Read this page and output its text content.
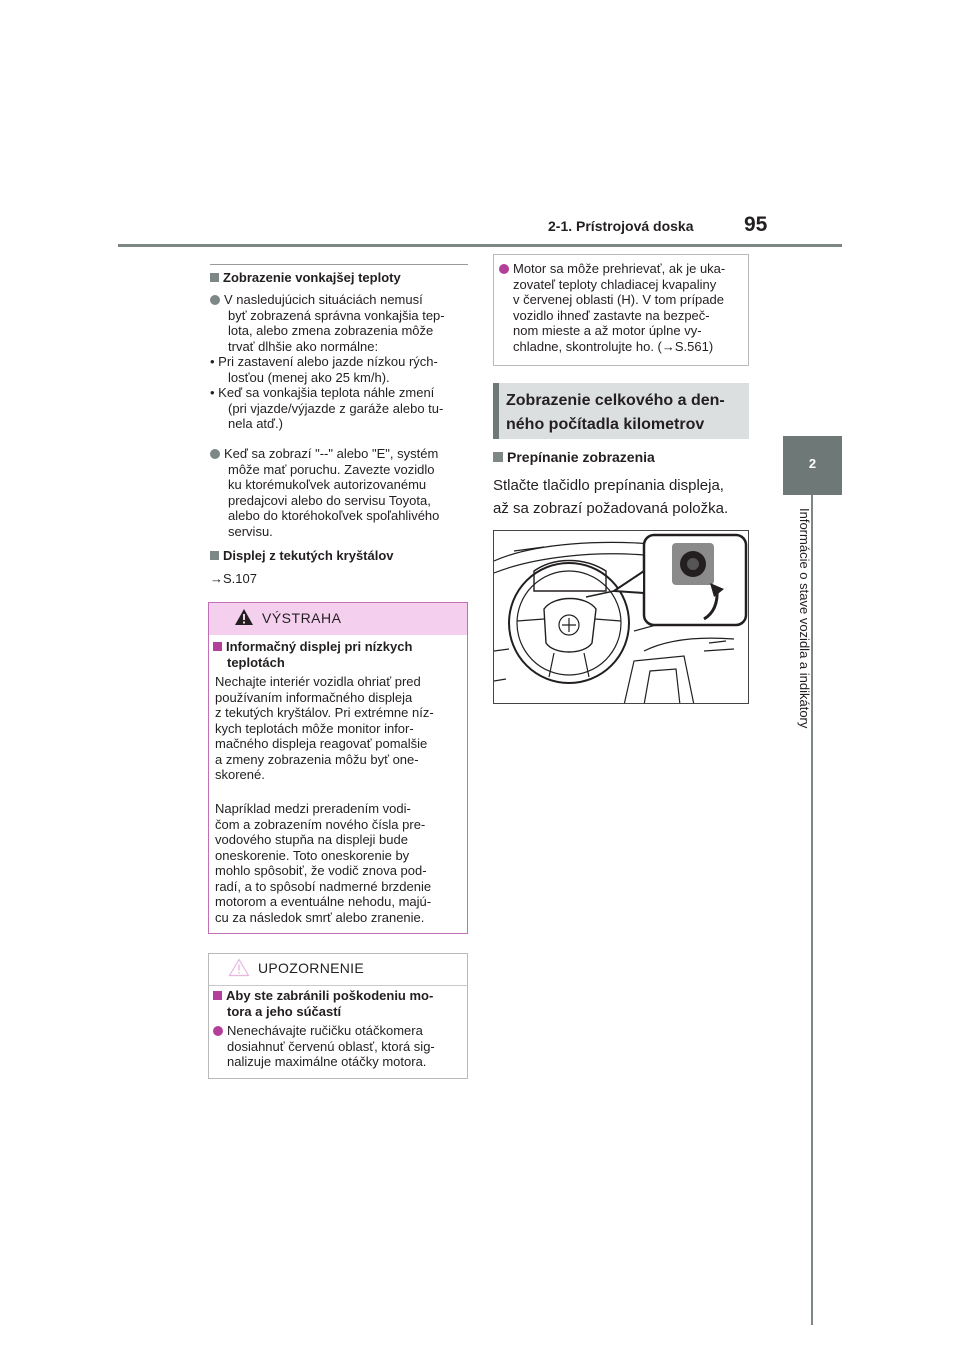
2-1. Prístrojová doska 95
2
Informácie o stave vozidla a indikátory
Zobrazenie vonkajšej teploty
V nasledujúcich situáciách nemusí
byť zobrazená správna vonkajšia tep-
lota, alebo zmena zobrazenia môže
trvať dlhšie ako normálne:
• Pri zastavení alebo jazde nízkou rých-
losťou (menej ako 25 km/h).
• Keď sa vonkajšia teplota náhle zmení
(pri vjazde/výjazde z garáže alebo tu-
nela atď.)
Keď sa zobrazí "--" alebo "E", systém
môže mať poruchu. Zavezte vozidlo
ku ktorémukoľvek autorizovanému
predajcovi alebo do servisu Toyota,
alebo do ktoréhokoľvek spoľahlivého
servisu.
Displej z tekutých kryštálov
→S.107
VÝSTRAHA
Informačný displej pri nízkych
teplotách
Nechajte interiér vozidla ohriať pred
používaním informačného displeja
z tekutých kryštálov. Pri extrémne níz-
kych teplotách môže monitor infor-
mačného displeja reagovať pomalšie
a zmeny zobrazenia môžu byť one-
skorené.
Napríklad medzi preradením vodi-
čom a zobrazením nového čísla pre-
vodového stupňa na displeji bude
oneskorenie. Toto oneskorenie by
mohlo spôsobiť, že vodič znova pod-
radí, a to spôsobí nadmerné brzdenie
motorom a eventuálne nehodu, majú-
cu za následok smrť alebo zranenie.
UPOZORNENIE
Aby ste zabránili poškodeniu mo-
tora a jeho súčastí
Nenechávajte ručičku otáčkomera
dosiahnuť červenú oblasť, ktorá sig-
nalizuje maximálne otáčky motora.
Motor sa môže prehrievať, ak je uka-
zovateľ teploty chladiacej kvapaliny
v červenej oblasti (H). V tom prípade
vozidlo ihneď zastavte na bezpeč-
nom mieste a až motor úplne vy-
chladne, skontrolujte ho. (→S.561)
Zobrazenie celkového a den-
ného počítadla kilometrov
Prepínanie zobrazenia
Stlačte tlačidlo prepínania displeja,
až sa zobrazí požadovaná položka.
